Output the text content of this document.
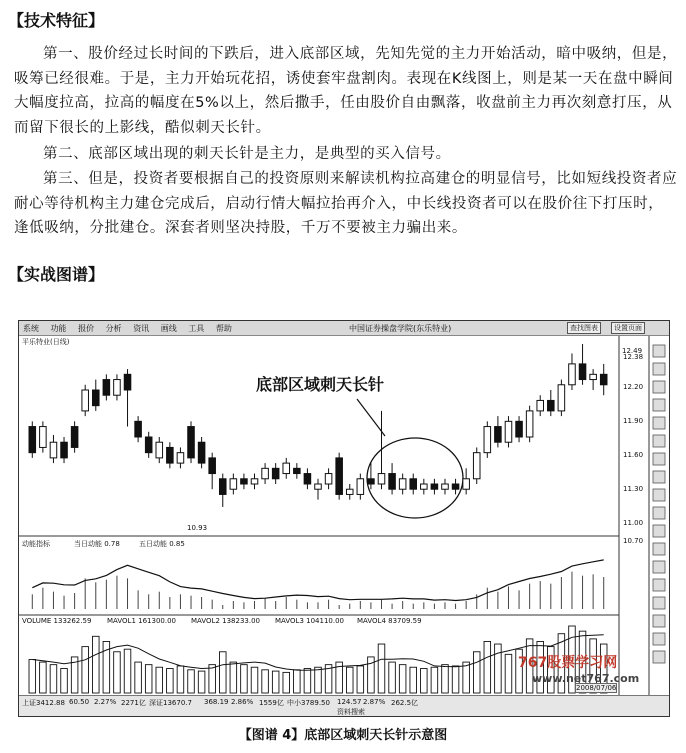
【技术特征】
第一、股价经过长时间的下跌后，进入底部区域，先知先觉的主力开始活动，暗中吸纳，但是，吸筹已经很难。于是，主力开始玩花招，诱使套牢盘割肉。表现在K线图上，则是某一天在盘中瞬间大幅度拉高，拉高的幅度在5%以上，然后撒手，任由股价自由飘落，收盘前主力再次刻意打压，从而留下很长的上影线，酷似刺天长针。
第二、底部区域出现的刺天长针是主力，是典型的买入信号。
第三、但是，投资者要根据自己的投资原则来解读机构拉高建仓的明显信号，比如短线投资者应耐心等待机构主力建仓完成后，启动行情大幅拉抬再介入，中长线投资者可以在股价往下打压时，逢低吸纳，分批建仓。深套者则坚决持股，千万不要被主力骗出来。
【实战图谱】
系统 功能 报价 分析 资讯 画线 工具 帮助	中国证券操盘学院(东乐特业)	查找图表	设置页面
平乐特业(日线)
底部区域刺天长针
12.49
10.93
12.38
12.20
11.90
11.60
11.30
11.00
10.70
动能指标	当日动能 0.78	五日动能 0.85
VOLUME 133262.59 MAVOL1 161300.00 MAVOL2 138233.00 MAVOL3 104110.00 MAVOL4 83709.59
2008/07/06
上证3412.88 60.50 2.27% 2271亿 深证13670.7 368.19 2.86% 1559亿 中小3789.50 124.57 2.87% 262.5亿
资料搜索
767股票学习网
www.net767.com
【图谱 4】底部区域刺天长针示意图
